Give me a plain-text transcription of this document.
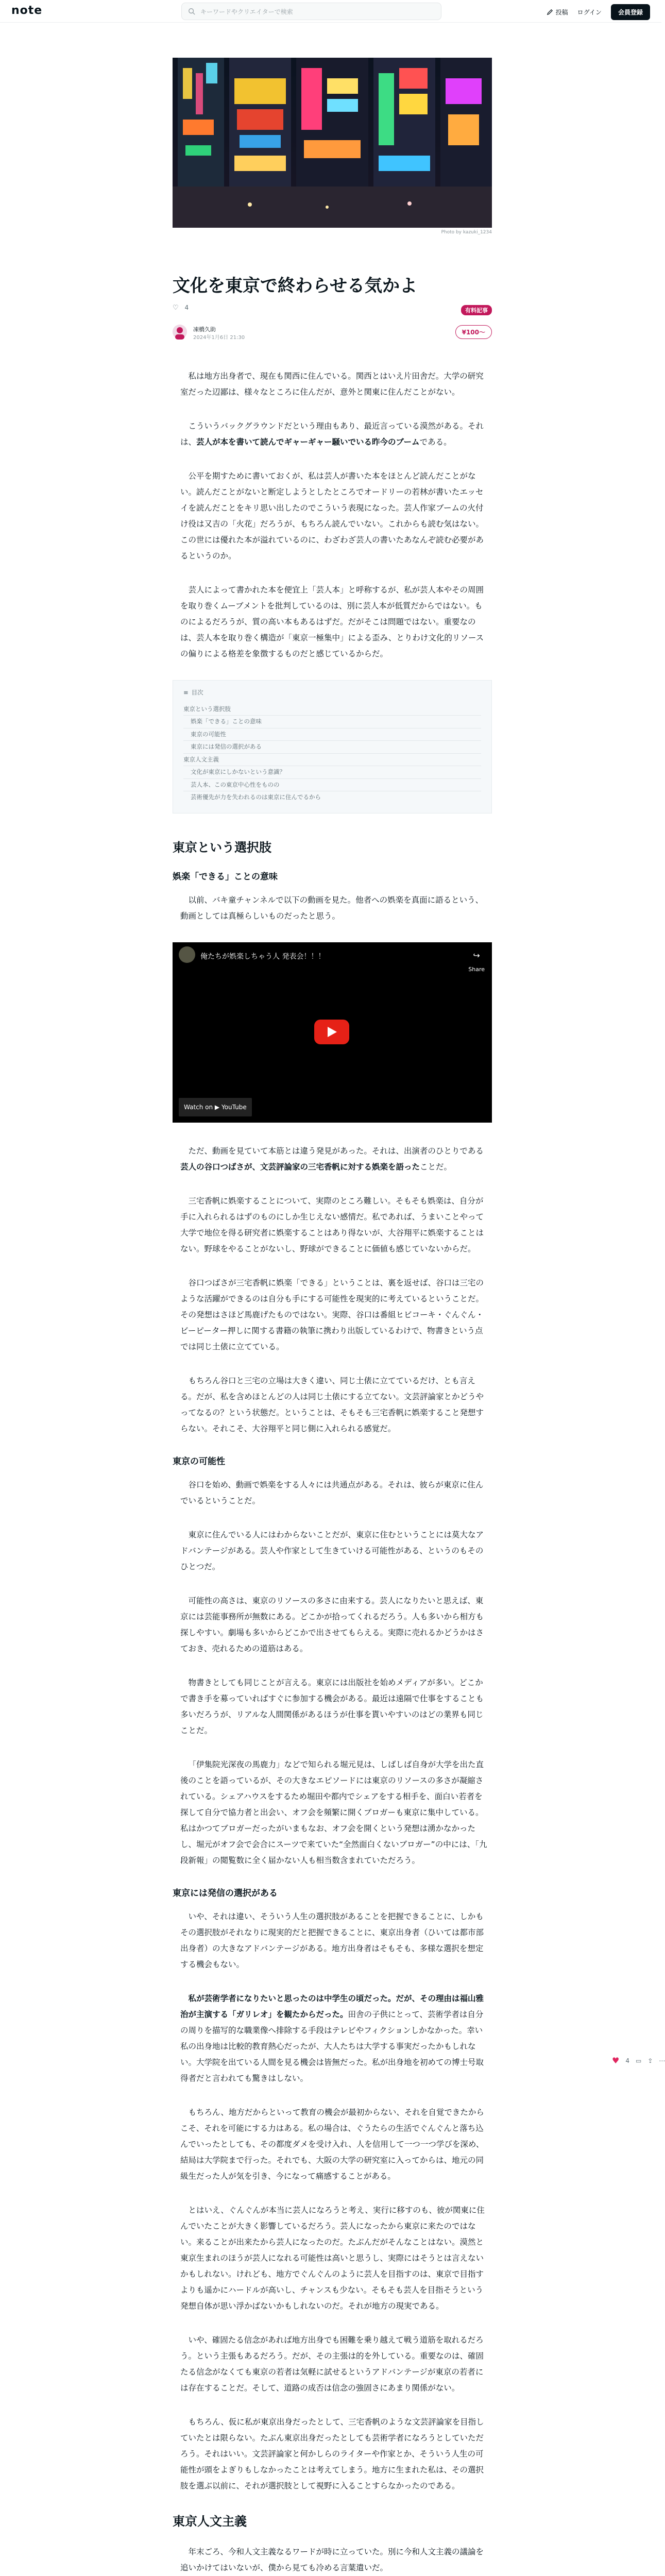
note	キーワードやクリエイターで検索	投稿 ログイン	会員登録
Photo by kazuki_1234
文化を東京で終わらせる気かよ
♡ 4	有料記事
凍橋久助
2024年1月6日 21:30
¥100〜

私は地方出身者で、現在も関西に住んでいる。関西とはいえ片田舎だ。大学の研究室だった辺鄙は、様々なところに住んだが、意外と関東に住んだことがない。

こういうバックグラウンドだという理由もあり、最近言っている漠然がある。それは、芸人が本を書いて読んでギャーギャー騒いでいる昨今のブームである。

公平を期すために書いておくが、私は芸人が書いた本をほとんど読んだことがない。読んだことがないと断定しようとしたところでオードリーの若林が書いたエッセイを読んだことをキリ思い出したのでこういう表現になった。芸人作家ブームの火付け役は又吉の「火花」だろうが、もちろん読んでいない。これからも読む気はない。この世には優れた本が溢れているのに、わざわざ芸人の書いたあなんぞ読む必要があるというのか。

芸人によって書かれた本を便宜上「芸人本」と呼称するが、私が芸人本やその周囲を取り巻くムーブメントを批判しているのは、別に芸人本が低質だからではない。ものによるだろうが、質の高い本もあるはずだ。だがそこは問題ではない。重要なのは、芸人本を取り巻く構造が「東京一極集中」による歪み、とりわけ文化的リソースの偏りによる格差を象徴するものだと感じているからだ。

≡ 目次
東京という選択肢
娯楽「できる」ことの意味
東京の可能性
東京には発信の選択がある
東京人文主義
文化が東京にしかないという意識？
芸人本、この東京中心性をものの
芸術優先が力を失われるのは東京に住んでるから
東京という選択肢
娯楽「できる」ことの意味

以前、バキ童チャンネルで以下の動画を見た。他者への娯楽を真面に語るという、動画としては真極らしいものだったと思う。

俺たちが娯楽しちゃう人 発表会！！！	↪
Share
Watch on ▶ YouTube

ただ、動画を見ていて本筋とは違う発見があった。それは、出演者のひとりである芸人の谷口つばさが、文芸評論家の三宅香帆に対する娯楽を語ったことだ。

三宅香帆に娯楽することについて、実際のところ難しい。そもそも娯楽は、自分が手に入れられるはずのものにしか生じえない感情だ。私であれば、うまいことやって大学で地位を得る研究者に娯楽することはあり得ないが、大谷翔平に娯楽することはない。野球をやることがないし、野球ができることに価値も感じていないからだ。

谷口つばさが三宅香帆に娯楽「できる」ということは、裏を返せば、谷口は三宅のような活躍ができるのは自分も手にする可能性を現実的に考えているということだ。その発想はさほど馬鹿げたものではない。実際、谷口は番組ヒビコーキ・ぐんぐん・ビーピーター押しに関する書籍の執筆に携わり出版しているわけで、物書きという点では同じ土俵に立てている。

もちろん谷口と三宅の立場は大きく違い、同じ土俵に立てているだけ、とも言える。だが、私を含めほとんどの人は同じ土俵にする立てない。文芸評論家とかどうやってなるの？という状態だ。ということは、そもそも三宅香帆に娯楽すること発想すらない。それこそ、大谷翔平と同じ側に入れられる感覚だ。

東京の可能性

谷口を始め、動画で娯楽をする人々には共通点がある。それは、彼らが東京に住んでいるということだ。

東京に住んでいる人にはわからないことだが、東京に住むということには莫大なアドバンテージがある。芸人や作家として生きていける可能性がある、というのもそのひとつだ。

可能性の高さは、東京のリソースの多さに由来する。芸人になりたいと思えば、東京には芸能事務所が無数にある。どこかが拾ってくれるだろう。人も多いから相方も探しやすい。劇場も多いからどこかで出させてもらえる。実際に売れるかどうかはさておき、売れるための道筋はある。

物書きとしても同じことが言える。東京には出版社を始めメディアが多い。どこかで書き手を募っていればすぐに参加する機会がある。最近は遠隔で仕事をすることも多いだろうが、リアルな人間関係があるほうが仕事を貰いやすいのはどの業界も同じことだ。

「伊集院光深夜の馬鹿力」などで知られる堀元見は、しばしば自身が大学を出た直後のことを語っているが、その大きなエピソードには東京のリソースの多さが凝縮されている。シェアハウスをするため堀田や都内でシェアをする相手を、面白い若者を探して自分で協力者と出会い、オフ会を頻繁に開くブロガーも東京に集中している。私はかつてブロガーだったがいまもなお、オフ会を開くという発想は湧かなかったし、堀元がオフ会で会合にスーツで来ていた“全然面白くないブロガー”の中には、「九段新報」の閲覧数に全く届かない人も相当数含まれていただろう。

東京には発信の選択がある

いや、それは違い、そういう人生の選択肢があることを把握できることに、しかもその選択肢がそれなりに現実的だと把握できることに、東京出身者（ひいては都市部出身者）の大きなアドバンテージがある。地方出身者はそもそも、多様な選択を想定する機会もない。

私が芸術学者になりたいと思ったのは中学生の頃だった。だが、その理由は福山雅治が主演する「ガリレオ」を観たからだった。田舎の子供にとって、芸術学者は自分の周りを描写的な職業像へ排除する手段はテレビやフィクションしかなかった。幸い私の出身地は比較的教育熱心だったが、大人たちは大学する事実だったかもしれない。大学院を出ている人間を見る機会は皆無だった。私が出身地を初めての博士号取得者だと言われても驚きはしない。

もちろん、地方だからといって教育の機会が最初からない、それを自覚できたからこそ、それを可能にする力はある。私の場合は、ぐうたらの生活でぐんぐんと落ち込んでいったとしても、その都度ダメを受け入れ、人を信用して一つ一つ学びを深め、結局は大学院まで行った。それでも、大阪の大学の研究室に入ってからは、地元の同級生だった人が気を引き、今になって痛感することがある。

とはいえ、ぐんぐんが本当に芸人になろうと考え、実行に移すのも、彼が関東に住んでいたことが大きく影響しているだろう。芸人になったから東京に来たのではない。来ることが出来たから芸人になったのだ。たぶんだがそんなことはない。漠然と東京生まれのほうが芸人になれる可能性は高いと思うし、実際にはそうとは言えないかもしれない。けれども、地方でぐんぐんのように芸人を目指すのは、東京で目指すよりも遥かにハードルが高いし、チャンスも少ない。そもそも芸人を目指そうという発想自体が思い浮かばないかもしれないのだ。それが地方の現実である。

いや、確固たる信念があれば地方出身でも困難を乗り越えて戦う道筋を取れるだろう。という主張もあるだろう。だが、その主張は的を外している。重要なのは、確固たる信念がなくても東京の若者は気軽に試せるというアドバンテージが東京の若者には存在することだ。そして、道路の成否は信念の強固さにあまり関係がない。

もちろん、仮に私が東京出身だったとして、三宅香帆のような文芸評論家を目指していたとは限らない。たぶん東京出身だったとしても芸術学者になろうとしていただろう。それはいい。文芸評論家と何かしらのライターや作家とか、そういう人生の可能性が頭をよぎりもしなかったことは考えてしまう。地方に生まれた私は、その選択肢を選ぶ以前に、それが選択肢として視野に入ることすらなかったのである。

東京人文主義

年末ごろ、今和人文主義なるワードが時に立っていた。別に今和人文主義の議論を追いかけてはいないが、僕から見ても冷める言葉遣いだ。

♥ 4 ▭ ⇪ ⋯
